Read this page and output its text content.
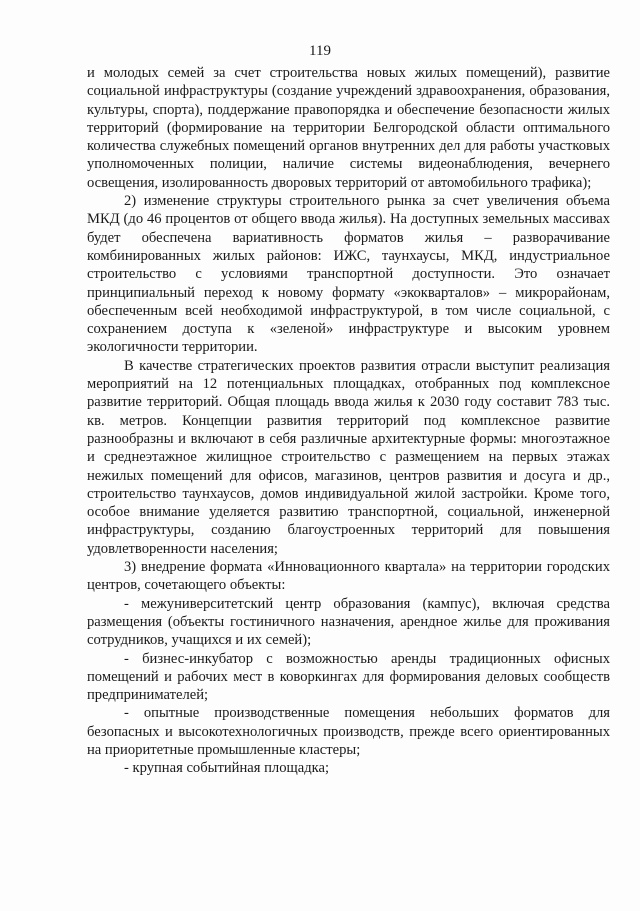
119

и молодых семей за счет строительства новых жилых помещений), развитие социальной инфраструктуры (создание учреждений здравоохранения, образования, культуры, спорта), поддержание правопорядка и обеспечение безопасности жилых территорий (формирование на территории Белгородской области оптимального количества служебных помещений органов внутренних дел для работы участковых уполномоченных полиции, наличие системы видеонаблюдения, вечернего освещения, изолированность дворовых территорий от автомобильного трафика);

2) изменение структуры строительного рынка за счет увеличения объема МКД (до 46 процентов от общего ввода жилья). На доступных земельных массивах будет обеспечена вариативность форматов жилья – разворачивание комбинированных жилых районов: ИЖС, таунхаусы, МКД, индустриальное строительство с условиями транспортной доступности. Это означает принципиальный переход к новому формату «экокварталов» – микрорайонам, обеспеченным всей необходимой инфраструктурой, в том числе социальной, с сохранением доступа к «зеленой» инфраструктуре и высоким уровнем экологичности территории.

В качестве стратегических проектов развития отрасли выступит реализация мероприятий на 12 потенциальных площадках, отобранных под комплексное развитие территорий. Общая площадь ввода жилья к 2030 году составит 783 тыс. кв. метров. Концепции развития территорий под комплексное развитие разнообразны и включают в себя различные архитектурные формы: многоэтажное и среднеэтажное жилищное строительство с размещением на первых этажах нежилых помещений для офисов, магазинов, центров развития и досуга и др., строительство таунхаусов, домов индивидуальной жилой застройки. Кроме того, особое внимание уделяется развитию транспортной, социальной, инженерной инфраструктуры, созданию благоустроенных территорий для повышения удовлетворенности населения;

3) внедрение формата «Инновационного квартала» на территории городских центров, сочетающего объекты:

- межуниверситетский центр образования (кампус), включая средства размещения (объекты гостиничного назначения, арендное жилье для проживания сотрудников, учащихся и их семей);

- бизнес-инкубатор с возможностью аренды традиционных офисных помещений и рабочих мест в коворкингах для формирования деловых сообществ предпринимателей;

- опытные производственные помещения небольших форматов для безопасных и высокотехнологичных производств, прежде всего ориентированных на приоритетные промышленные кластеры;

- крупная событийная площадка;
